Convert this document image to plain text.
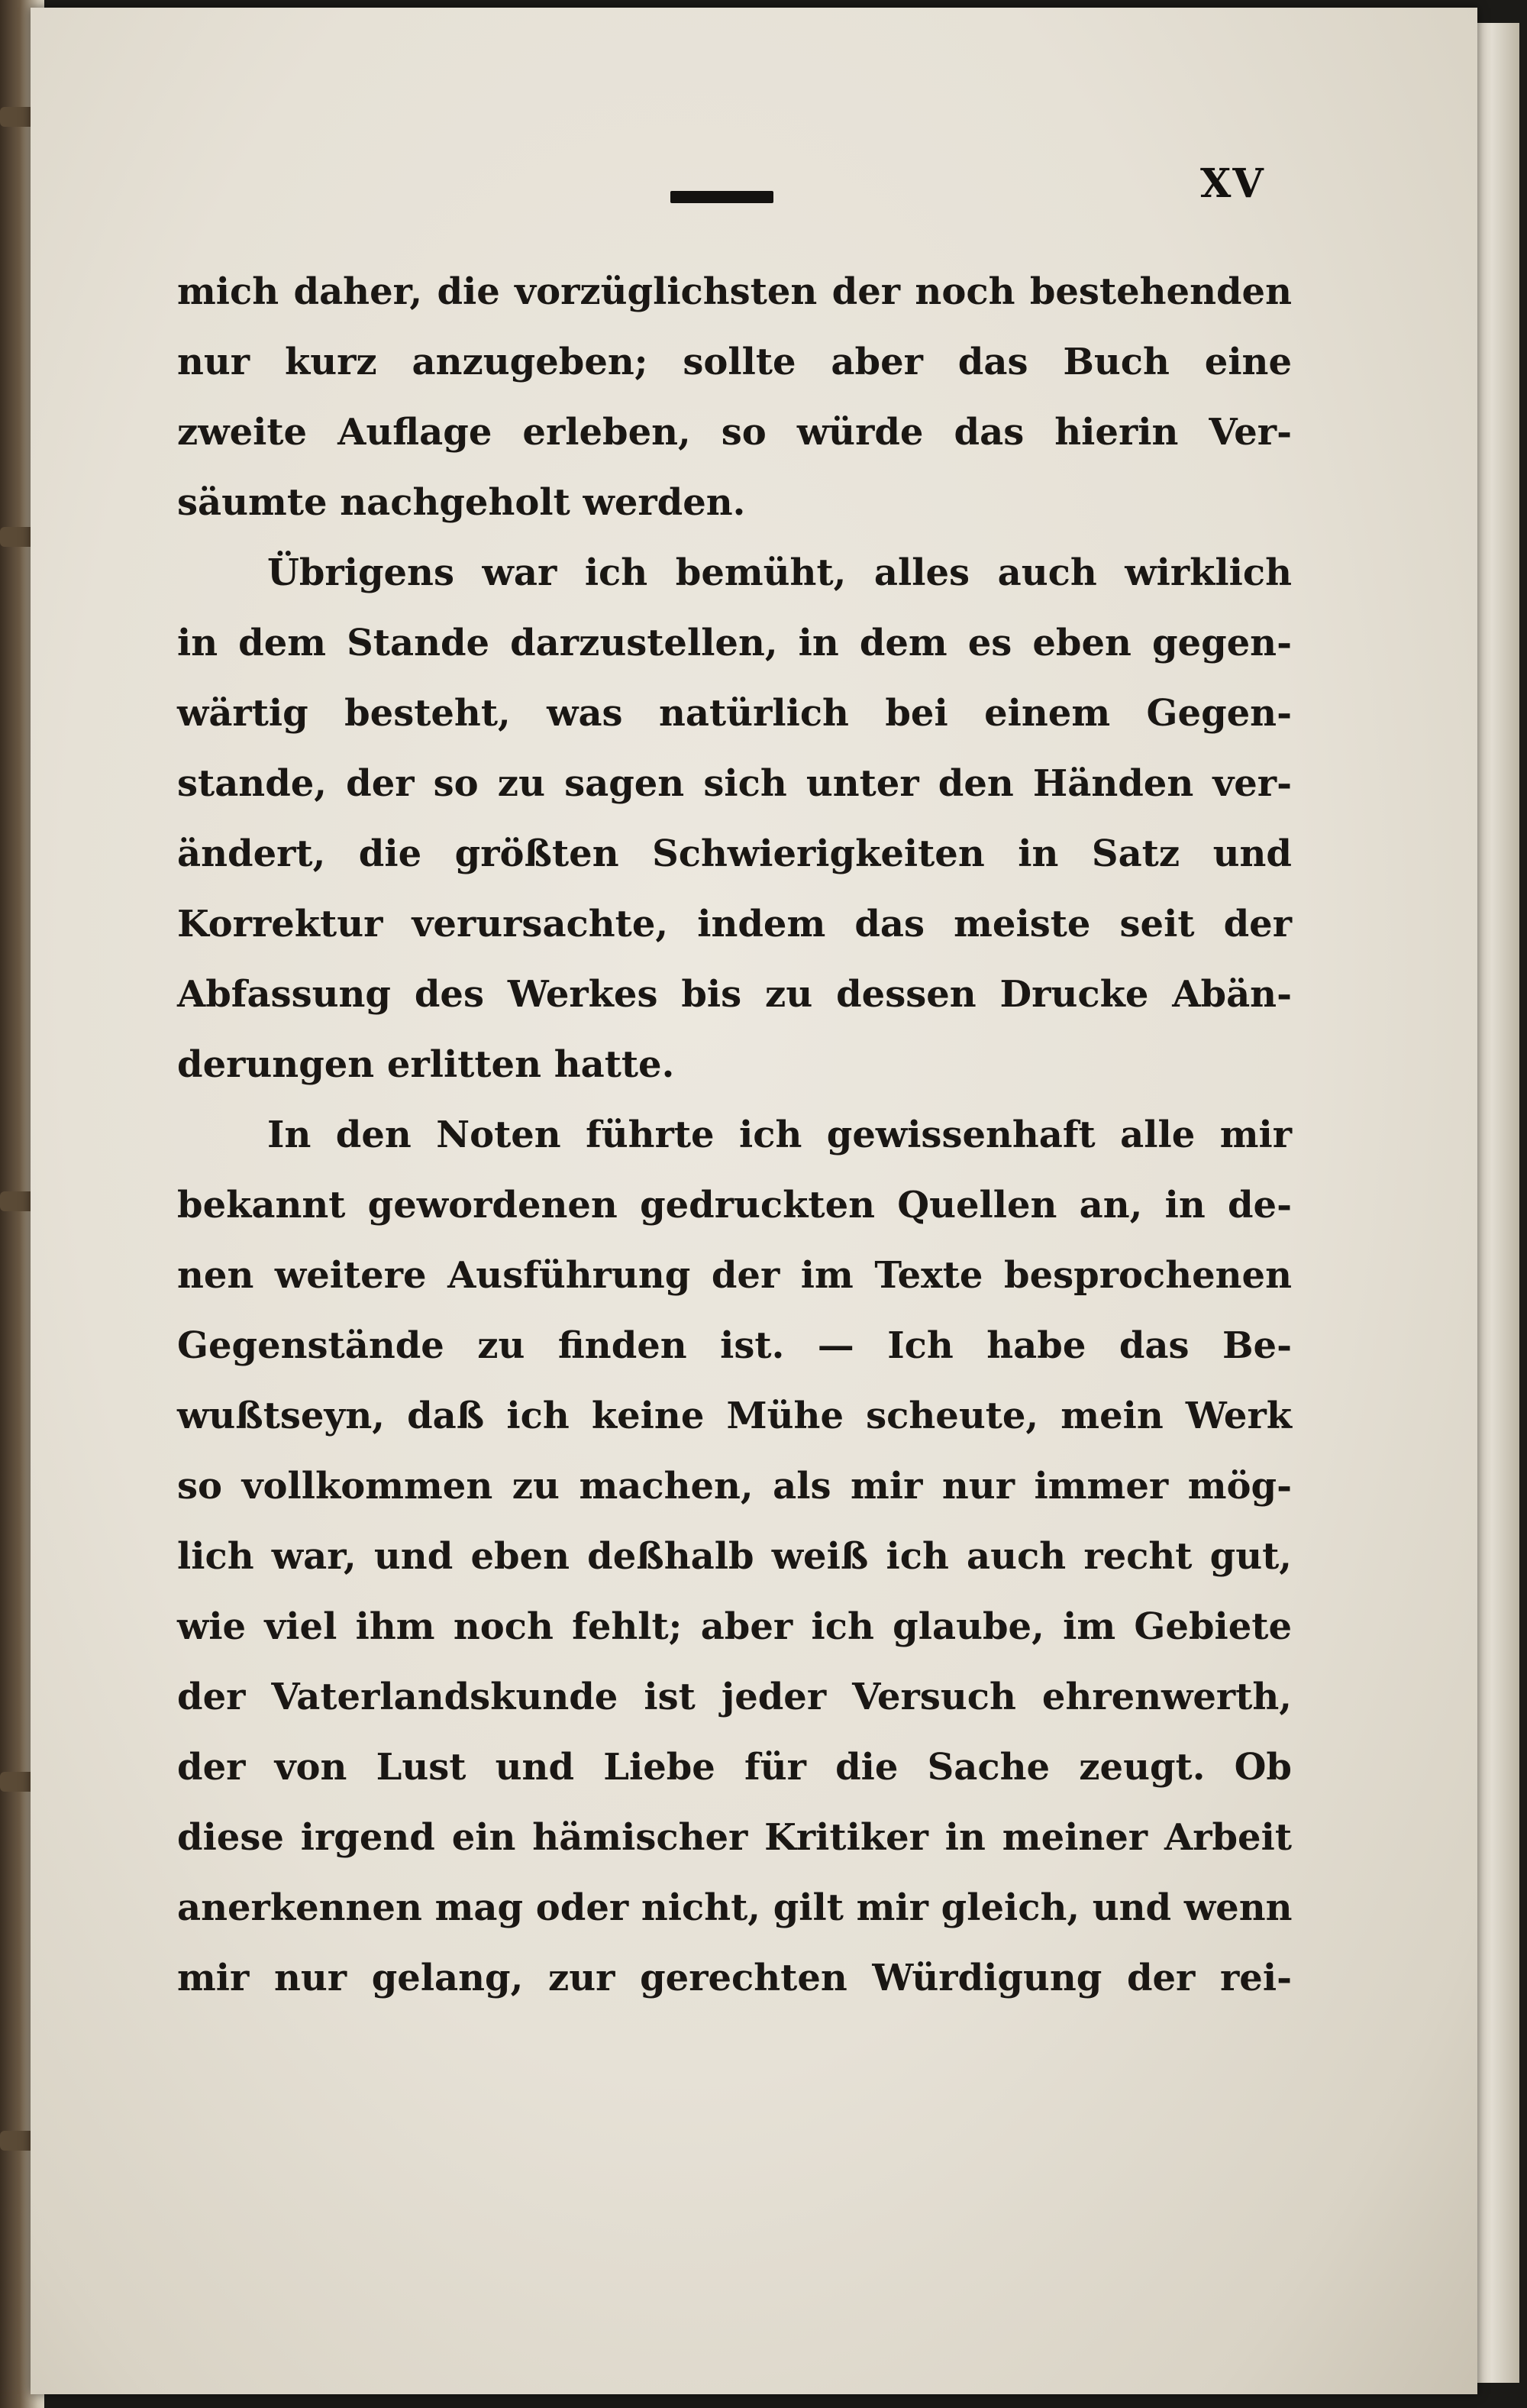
XV
mich daher, die vorzüglichsten der noch bestehenden
nur kurz anzugeben; sollte aber das Buch eine
zweite Auflage erleben, so würde das hierin Ver-
säumte nachgeholt werden.
Übrigens war ich bemüht, alles auch wirklich
in dem Stande darzustellen, in dem es eben gegen-
wärtig besteht, was natürlich bei einem Gegen-
stande, der so zu sagen sich unter den Händen ver-
ändert, die größten Schwierigkeiten in Satz und
Korrektur verursachte, indem das meiste seit der
Abfassung des Werkes bis zu dessen Drucke Abän-
derungen erlitten hatte.
In den Noten führte ich gewissenhaft alle mir
bekannt gewordenen gedruckten Quellen an, in de-
nen weitere Ausführung der im Texte besprochenen
Gegenstände zu finden ist. — Ich habe das Be-
wußtseyn, daß ich keine Mühe scheute, mein Werk
so vollkommen zu machen, als mir nur immer mög-
lich war, und eben deßhalb weiß ich auch recht gut,
wie viel ihm noch fehlt; aber ich glaube, im Gebiete
der Vaterlandskunde ist jeder Versuch ehrenwerth,
der von Lust und Liebe für die Sache zeugt. Ob
diese irgend ein hämischer Kritiker in meiner Arbeit
anerkennen mag oder nicht, gilt mir gleich, und wenn
mir nur gelang, zur gerechten Würdigung der rei-
